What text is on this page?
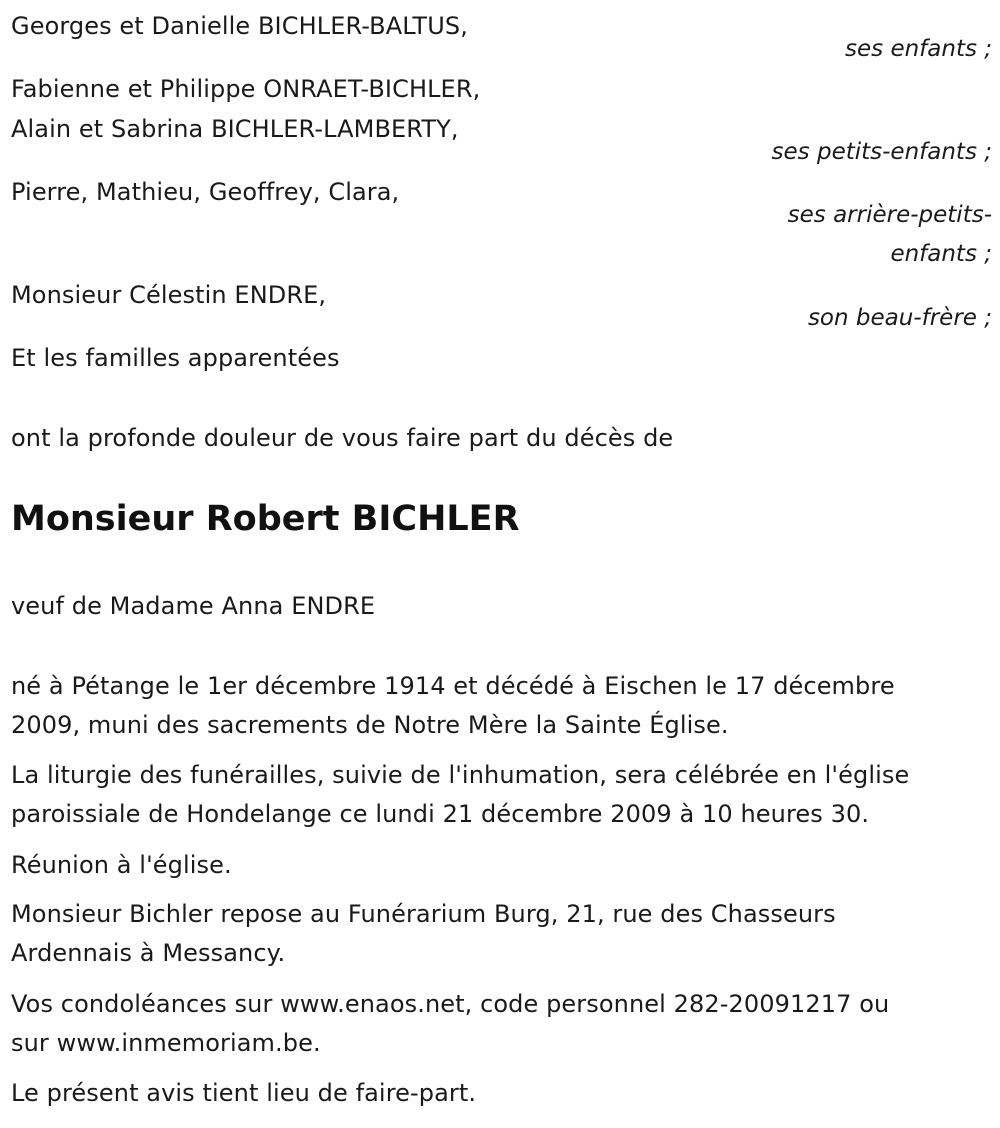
Georges et Danielle BICHLER-BALTUS,
ses enfants ;
Fabienne et Philippe ONRAET-BICHLER,
Alain et Sabrina BICHLER-LAMBERTY,
ses petits-enfants ;
Pierre, Mathieu, Geoffrey, Clara,
ses arrière-petits-
enfants ;
Monsieur Célestin ENDRE,
son beau-frère ;
Et les familles apparentées
ont la profonde douleur de vous faire part du décès de
Monsieur Robert BICHLER
veuf de Madame Anna ENDRE
né à Pétange le 1er décembre 1914 et décédé à Eischen le 17 décembre
2009, muni des sacrements de Notre Mère la Sainte Église.
La liturgie des funérailles, suivie de l'inhumation, sera célébrée en l'église
paroissiale de Hondelange ce lundi 21 décembre 2009 à 10 heures 30.
Réunion à l'église.
Monsieur Bichler repose au Funérarium Burg, 21, rue des Chasseurs
Ardennais à Messancy.
Vos condoléances sur www.enaos.net, code personnel 282-20091217 ou
sur www.inmemoriam.be.
Le présent avis tient lieu de faire-part.
